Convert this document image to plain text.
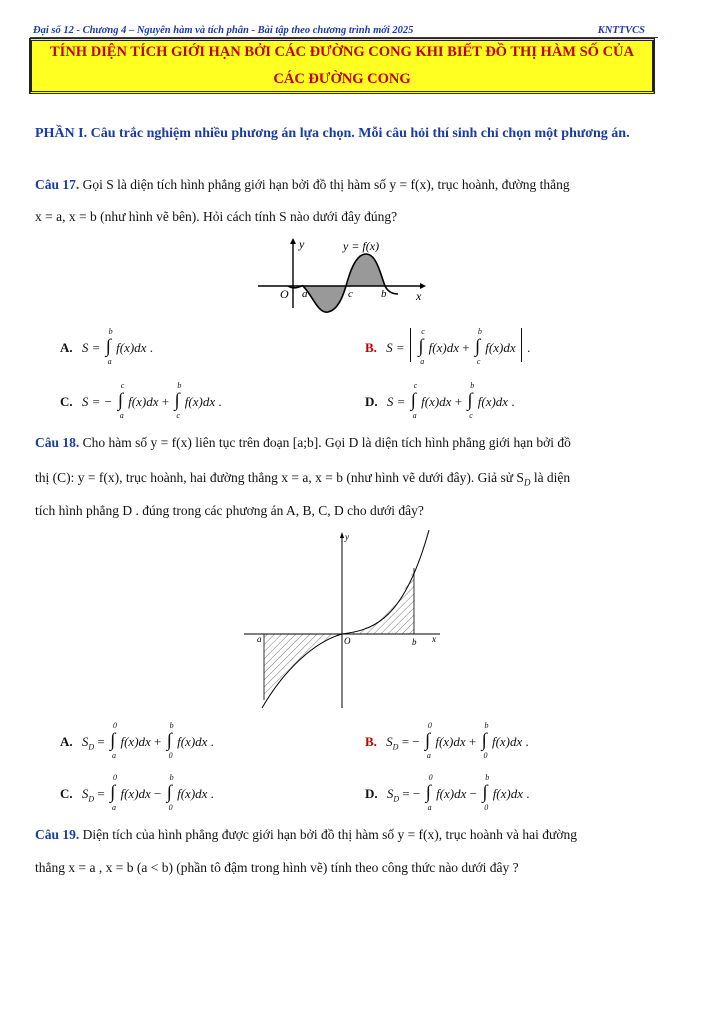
Đại số 12 - Chương 4 – Nguyên hàm và tích phân - Bài tập theo chương trình mới 2025	KNTTVCS
TÍNH DIỆN TÍCH GIỚI HẠN BỞI CÁC ĐƯỜNG CONG KHI BIẾT ĐỒ THỊ HÀM SỐ CỦA
CÁC ĐƯỜNG CONG
PHẦN I. Câu trắc nghiệm nhiều phương án lựa chọn. Mỗi câu hỏi thí sinh chỉ chọn một phương án.
Câu 17. Gọi S là diện tích hình phẳng giới hạn bởi đồ thị hàm số y = f(x), trục hoành, đường thẳng
x = a, x = b (như hình vẽ bên). Hỏi cách tính S nào dưới đây đúng?
y	y = f(x)
O a	c	b x
A. S = ∫
b
a
f(x)dx .	B. S = ∫
c
a
f(x)dx + ∫
b
c
f(x)dx .
C. S = − ∫
c
a
f(x)dx + ∫
b
c
f(x)dx .	D. S = ∫
c
a
f(x)dx + ∫
b
c
f(x)dx .
Câu 18. Cho hàm số y = f(x) liên tục trên đoạn [a;b]. Gọi D là diện tích hình phẳng giới hạn bởi đồ
thị (C): y = f(x), trục hoành, hai đường thẳng x = a, x = b (như hình vẽ dưới đây). Giả sử $S_D$ là diện
tích hình phẳng D . đúng trong các phương án A, B, C, D cho dưới đây?
y
a	O	b x
A. $S_D$ = ∫
0
a
f(x)dx + ∫
b
0
f(x)dx .	B. $S_D$ = − ∫
0
a
f(x)dx + ∫
b
0
f(x)dx .
C. $S_D$ = ∫
0
a
f(x)dx − ∫
b
0
f(x)dx .	D. $S_D$ = − ∫
0
a
f(x)dx − ∫
b
0
f(x)dx .
Câu 19. Diện tích của hình phẳng được giới hạn bởi đồ thị hàm số y = f(x), trục hoành và hai đường
thẳng x = a , x = b (a < b) (phần tô đậm trong hình vẽ) tính theo công thức nào dưới đây ?
